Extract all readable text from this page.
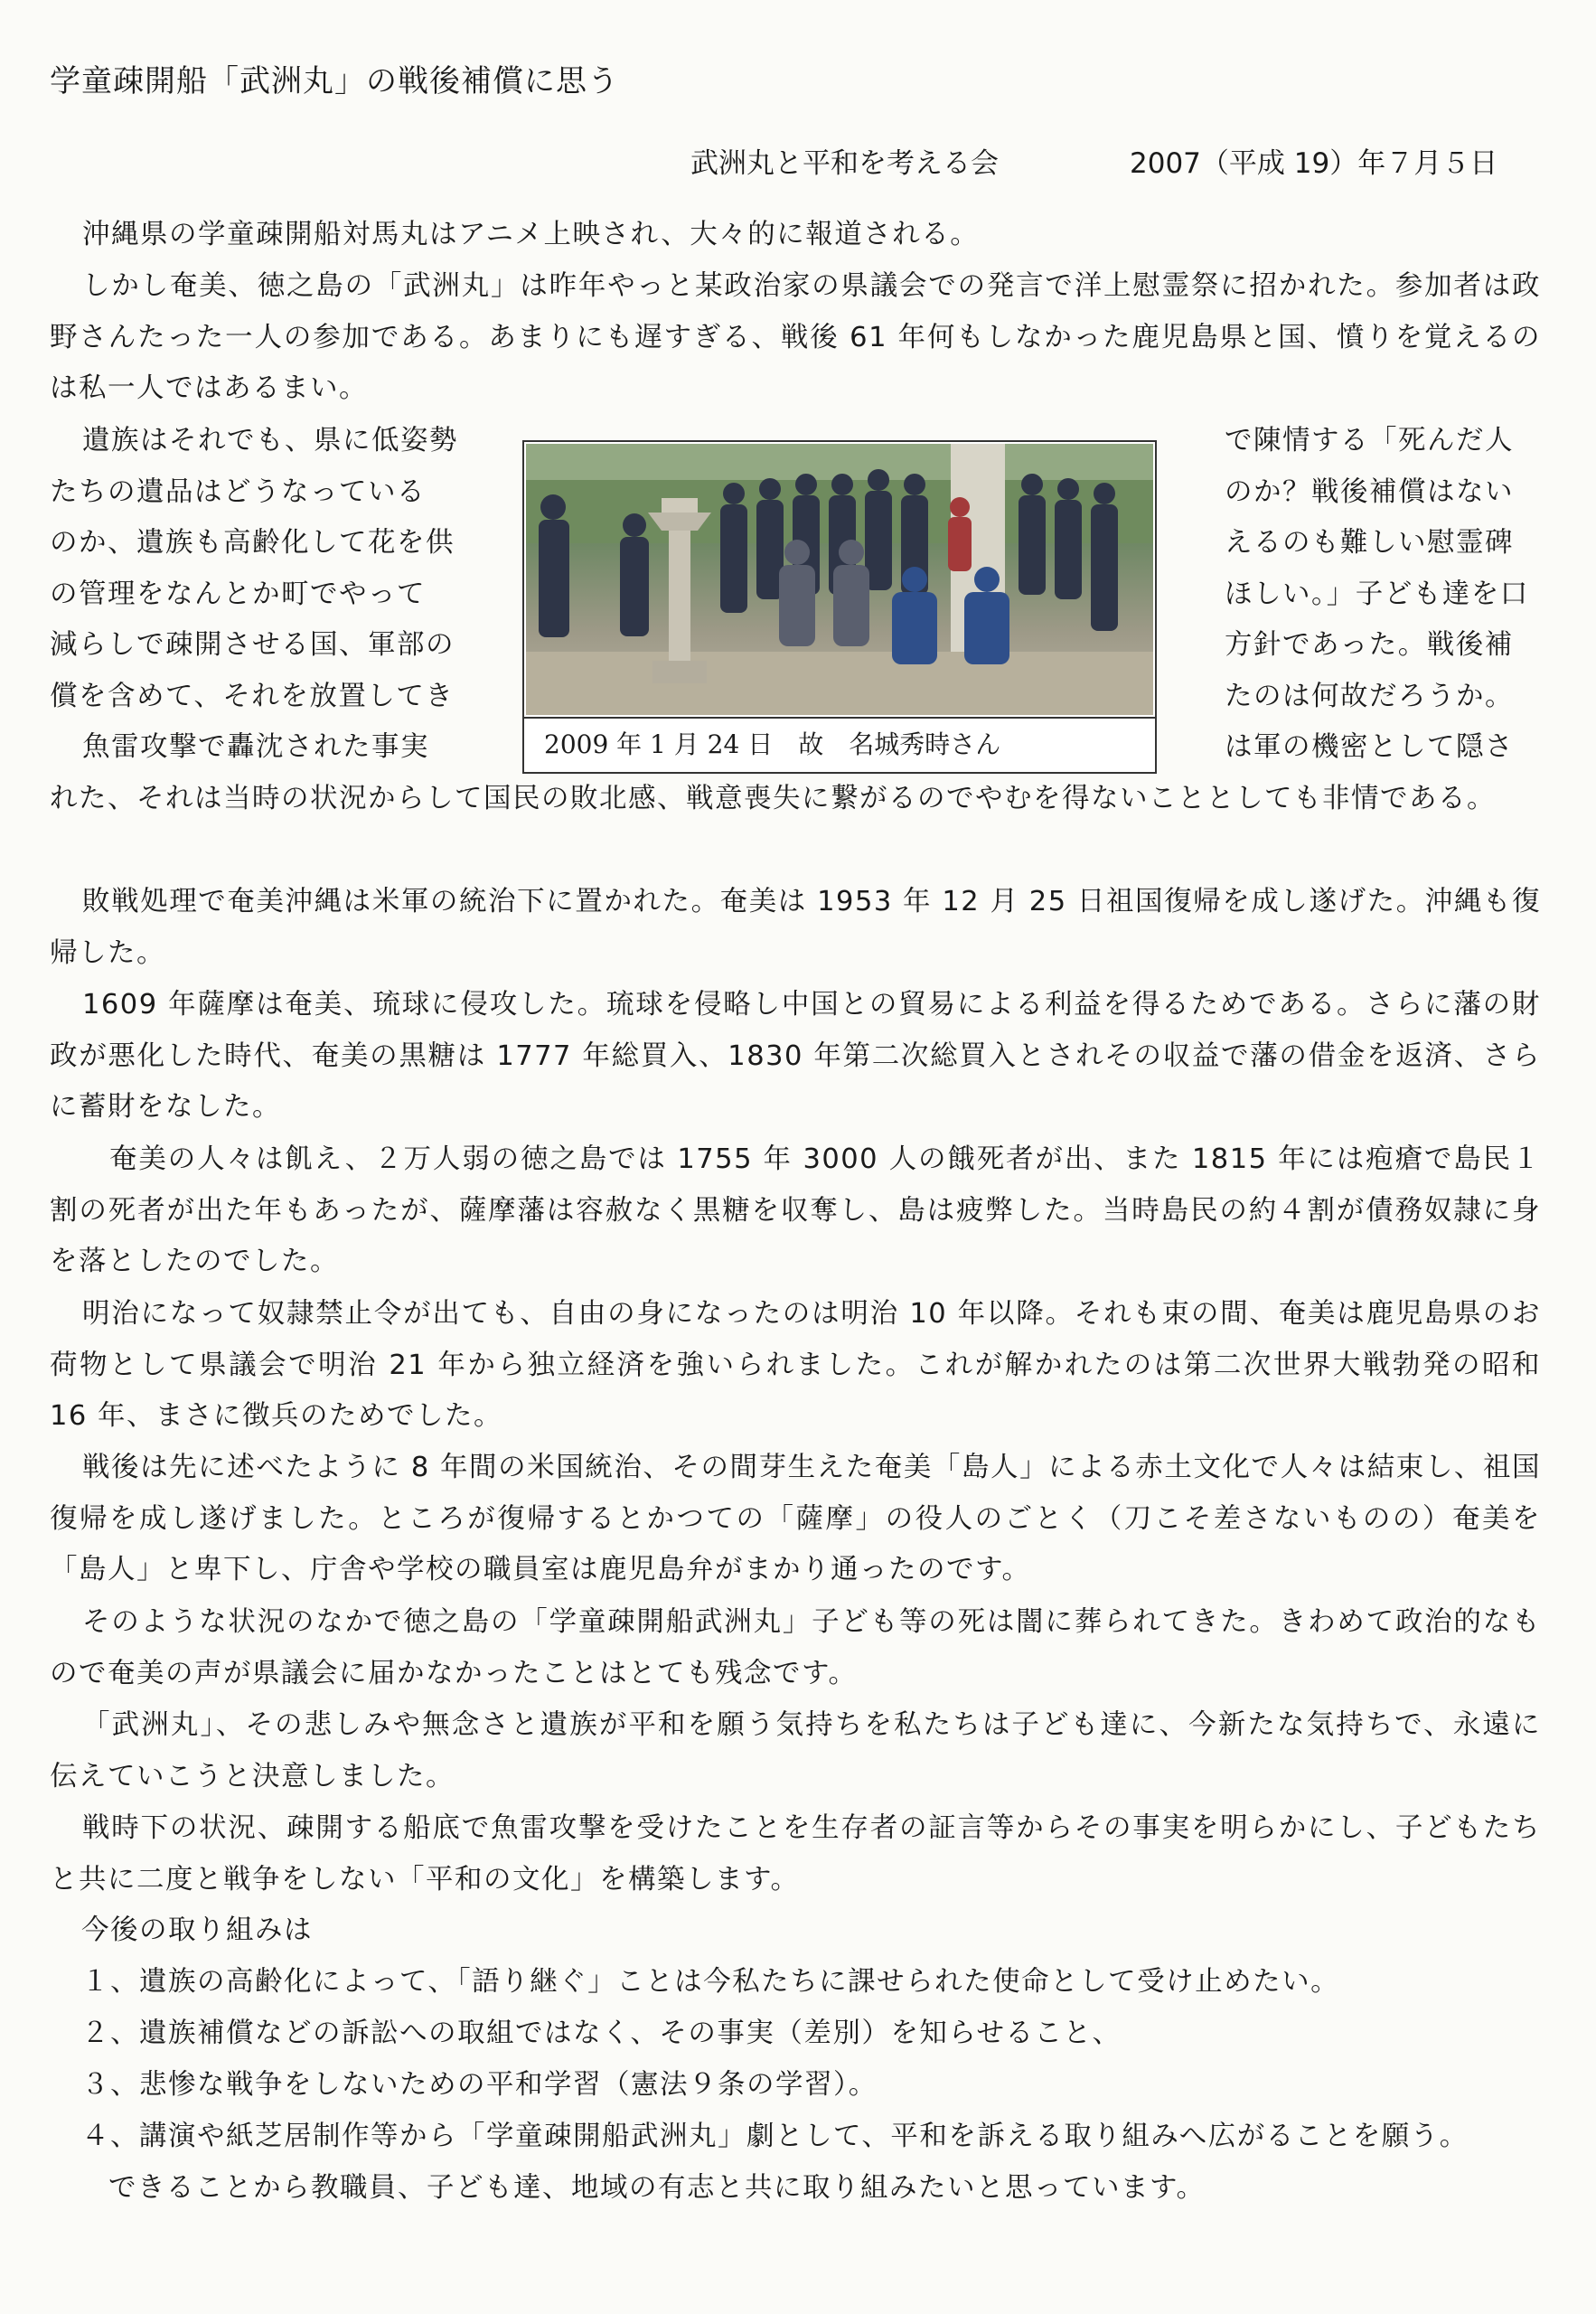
学童疎開船「武洲丸」の戦後補償に思う
武洲丸と平和を考える会	2007（平成 19）年７月５日
沖縄県の学童疎開船対馬丸はアニメ上映され、大々的に報道される。
しかし奄美、徳之島の「武洲丸」は昨年やっと某政治家の県議会での発言で洋上慰霊祭に招かれた。参加者は政野さんたった一人の参加である。あまりにも遅すぎる、戦後 61 年何もしなかった鹿児島県と国、憤りを覚えるのは私一人ではあるまい。
遺族はそれでも、県に低姿勢
たちの遺品はどうなっている
のか、遺族も高齢化して花を供
の管理をなんとか町でやって
減らしで疎開させる国、軍部の
償を含めて、それを放置してき
魚雷攻撃で轟沈された事実
で陳情する「死んだ人
のか？戦後補償はない
えるのも難しい慰霊碑
ほしい。」子ども達を口
方針であった。戦後補
たのは何故だろうか。
は軍の機密として隠さ
2009 年 1 月 24 日　故　名城秀時さん
れた、それは当時の状況からして国民の敗北感、戦意喪失に繋がるのでやむを得ないこととしても非情である。
敗戦処理で奄美沖縄は米軍の統治下に置かれた。奄美は 1953 年 12 月 25 日祖国復帰を成し遂げた。沖縄も復帰した。
1609 年薩摩は奄美、琉球に侵攻した。琉球を侵略し中国との貿易による利益を得るためである。さらに藩の財政が悪化した時代、奄美の黒糖は 1777 年総買入、1830 年第二次総買入とされその収益で藩の借金を返済、さらに蓄財をなした。
奄美の人々は飢え、２万人弱の徳之島では 1755 年 3000 人の餓死者が出、また 1815 年には疱瘡で島民１割の死者が出た年もあったが、薩摩藩は容赦なく黒糖を収奪し、島は疲弊した。当時島民の約４割が債務奴隷に身を落としたのでした。
明治になって奴隷禁止令が出ても、自由の身になったのは明治 10 年以降。それも束の間、奄美は鹿児島県のお荷物として県議会で明治 21 年から独立経済を強いられました。これが解かれたのは第二次世界大戦勃発の昭和 16 年、まさに徴兵のためでした。
戦後は先に述べたように 8 年間の米国統治、その間芽生えた奄美「島人」による赤土文化で人々は結束し、祖国復帰を成し遂げました。ところが復帰するとかつての「薩摩」の役人のごとく（刀こそ差さないものの）奄美を「島人」と卑下し、庁舎や学校の職員室は鹿児島弁がまかり通ったのです。
そのような状況のなかで徳之島の「学童疎開船武洲丸」子ども等の死は闇に葬られてきた。きわめて政治的なもので奄美の声が県議会に届かなかったことはとても残念です。
「武洲丸」、その悲しみや無念さと遺族が平和を願う気持ちを私たちは子ども達に、今新たな気持ちで、永遠に伝えていこうと決意しました。
戦時下の状況、疎開する船底で魚雷攻撃を受けたことを生存者の証言等からその事実を明らかにし、子どもたちと共に二度と戦争をしない「平和の文化」を構築します。
今後の取り組みは
１、遺族の高齢化によって、「語り継ぐ」ことは今私たちに課せられた使命として受け止めたい。
２、遺族補償などの訴訟への取組ではなく、その事実（差別）を知らせること、
３、悲惨な戦争をしないための平和学習（憲法９条の学習）。
４、講演や紙芝居制作等から「学童疎開船武洲丸」劇として、平和を訴える取り組みへ広がることを願う。
できることから教職員、子ども達、地域の有志と共に取り組みたいと思っています。
